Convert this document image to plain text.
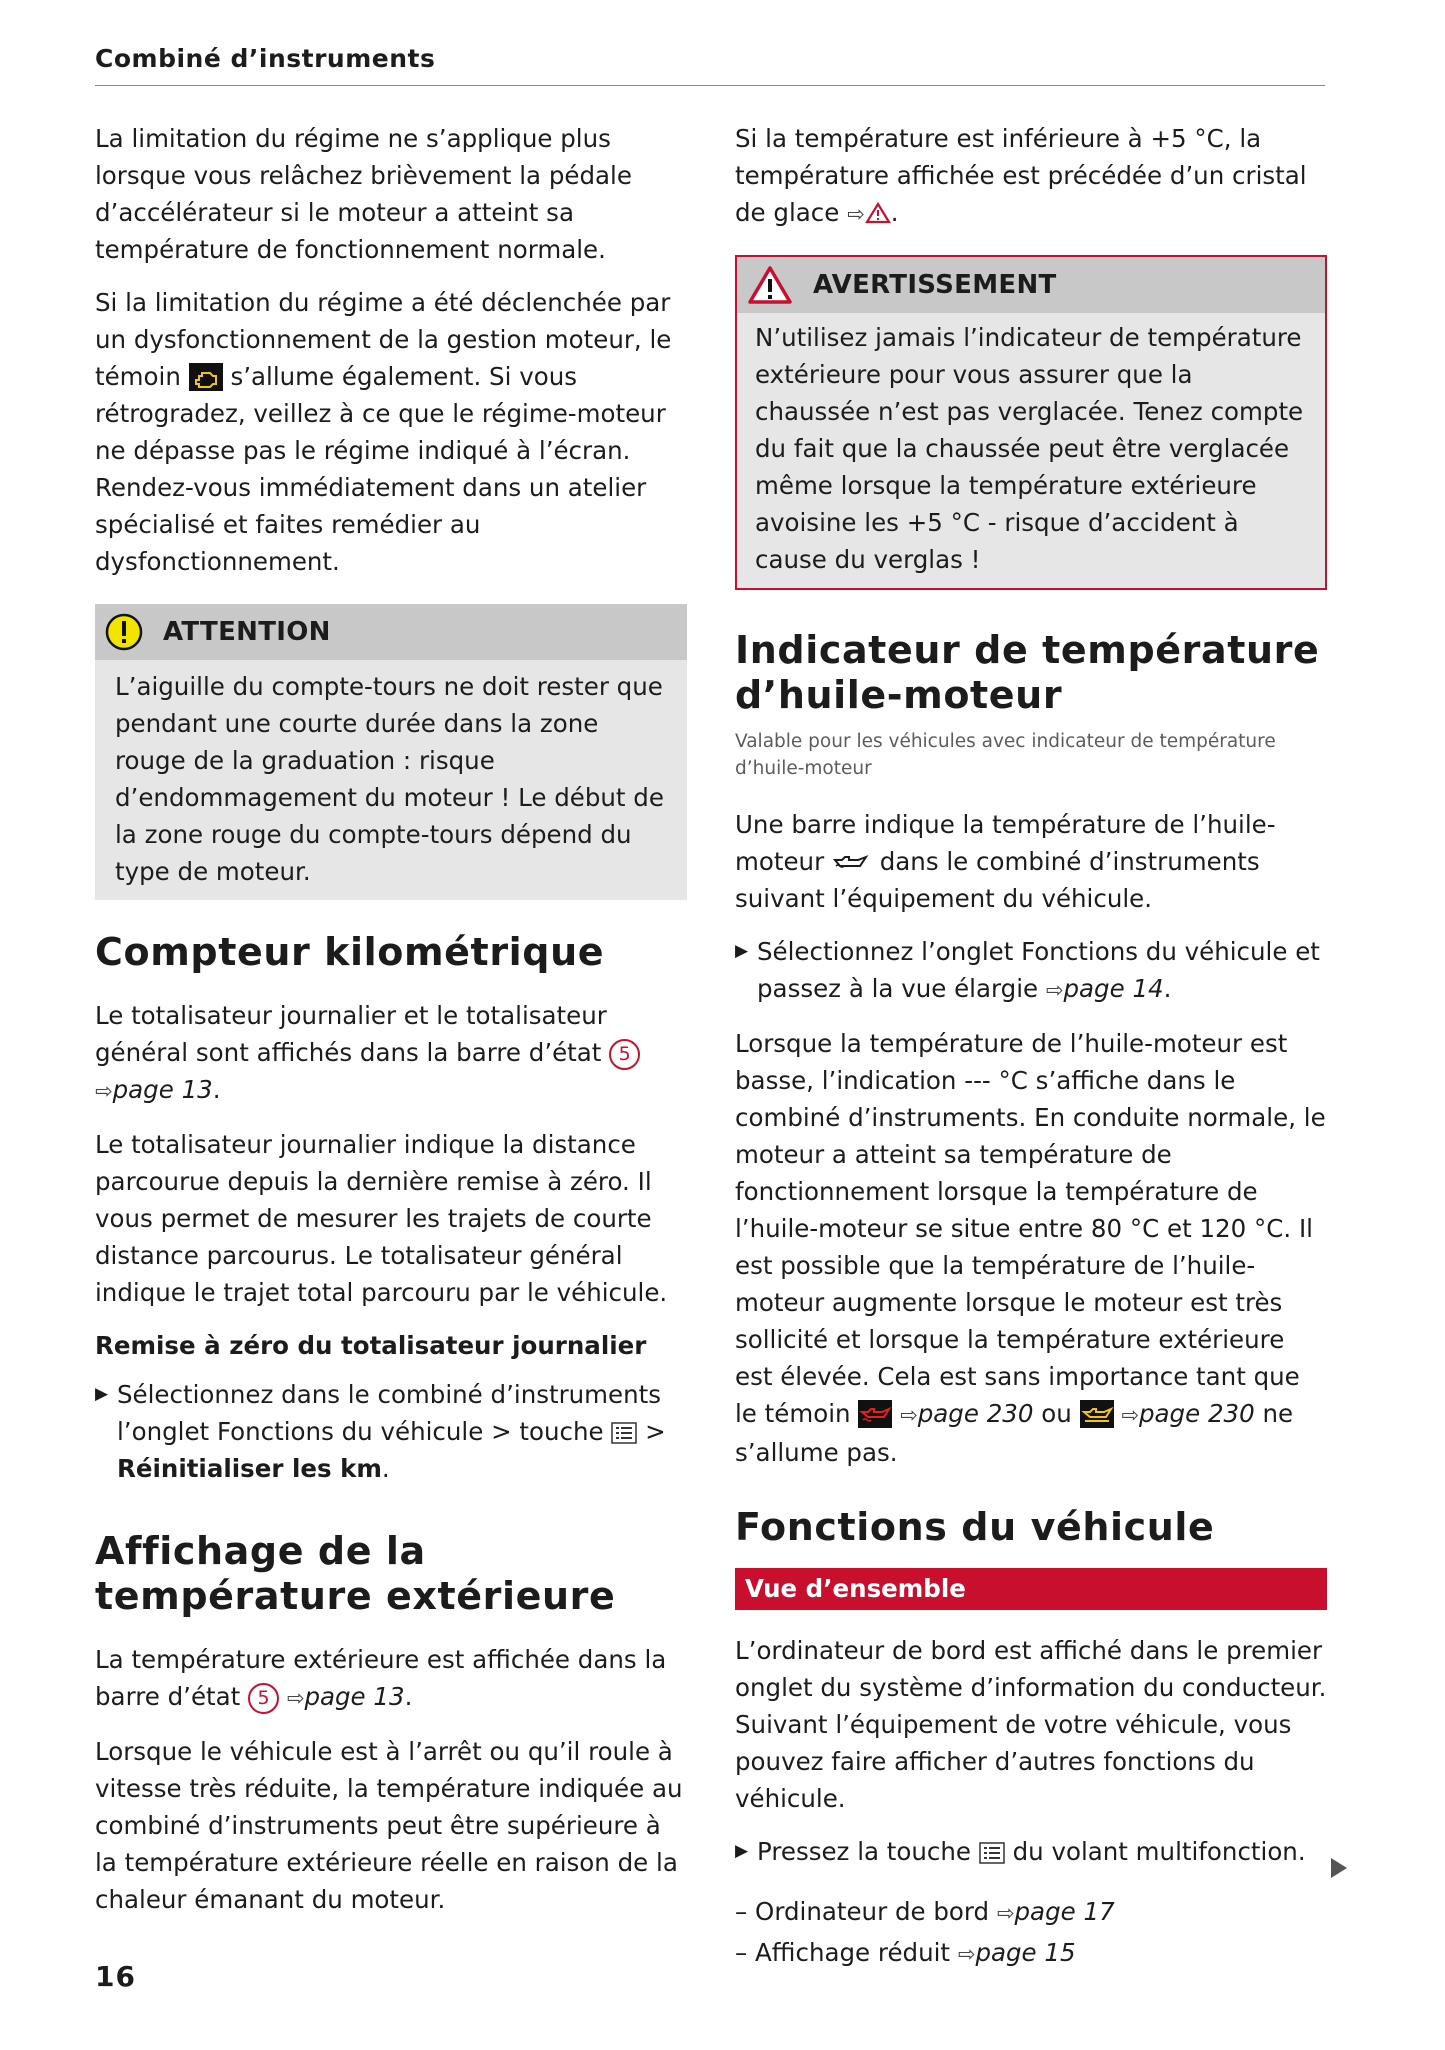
Combiné d’instruments

La limitation du régime ne s’applique plus lorsque vous relâchez brièvement la pédale d’accélérateur si le moteur a atteint sa température de fonctionnement normale.

Si la limitation du régime a été déclenchée par un dysfonctionnement de la gestion moteur, le témoin  s’allume également. Si vous rétrogradez, veillez à ce que le régime-moteur ne dépasse pas le régime indiqué à l’écran. Rendez-vous immédiatement dans un atelier spécialisé et faites remédier au dysfonctionnement.

ATTENTION
L’aiguille du compte-tours ne doit rester que pendant une courte durée dans la zone rouge de la graduation : risque d’endommagement du moteur ! Le début de la zone rouge du compte-tours dépend du type de moteur.
Compteur kilométrique

Le totalisateur journalier et le totalisateur général sont affichés dans la barre d’état 5 ⇨page 13.

Le totalisateur journalier indique la distance parcourue depuis la dernière remise à zéro. Il vous permet de mesurer les trajets de courte distance parcourus. Le totalisateur général indique le trajet total parcouru par le véhicule.

Remise à zéro du totalisateur journalier
▶ Sélectionnez dans le combiné d’instruments l’onglet Fonctions du véhicule > touche  > Réinitialiser les km.
Affichage de la température extérieure

La température extérieure est affichée dans la barre d’état 5 ⇨page 13.

Lorsque le véhicule est à l’arrêt ou qu’il roule à vitesse très réduite, la température indiquée au combiné d’instruments peut être supérieure à la température extérieure réelle en raison de la chaleur émanant du moteur.

Si la température est inférieure à +5 °C, la température affichée est précédée d’un cristal de glace ⇨ .

AVERTISSEMENT
N’utilisez jamais l’indicateur de température extérieure pour vous assurer que la chaussée n’est pas verglacée. Tenez compte du fait que la chaussée peut être verglacée même lorsque la température extérieure avoisine les +5 °C - risque d’accident à cause du verglas !
Indicateur de température d’huile-moteur
Valable pour les véhicules avec indicateur de température d’huile-moteur

Une barre indique la température de l’huile-moteur  dans le combiné d’instruments suivant l’équipement du véhicule.

▶ Sélectionnez l’onglet Fonctions du véhicule et passez à la vue élargie ⇨page 14.

Lorsque la température de l’huile-moteur est basse, l’indication --- °C s’affiche dans le combiné d’instruments. En conduite normale, le moteur a atteint sa température de fonctionnement lorsque la température de l’huile-moteur se situe entre 80 °C et 120 °C. Il est possible que la température de l’huile-moteur augmente lorsque le moteur est très sollicité et lorsque la température extérieure est élevée. Cela est sans importance tant que le témoin  ⇨page 230 ou  ⇨page 230 ne s’allume pas.

Fonctions du véhicule
Vue d’ensemble

L’ordinateur de bord est affiché dans le premier onglet du système d’information du conducteur. Suivant l’équipement de votre véhicule, vous pouvez faire afficher d’autres fonctions du véhicule.

▶ Pressez la touche  du volant multifonction.
– Ordinateur de bord ⇨page 17
– Affichage réduit ⇨page 15
16
